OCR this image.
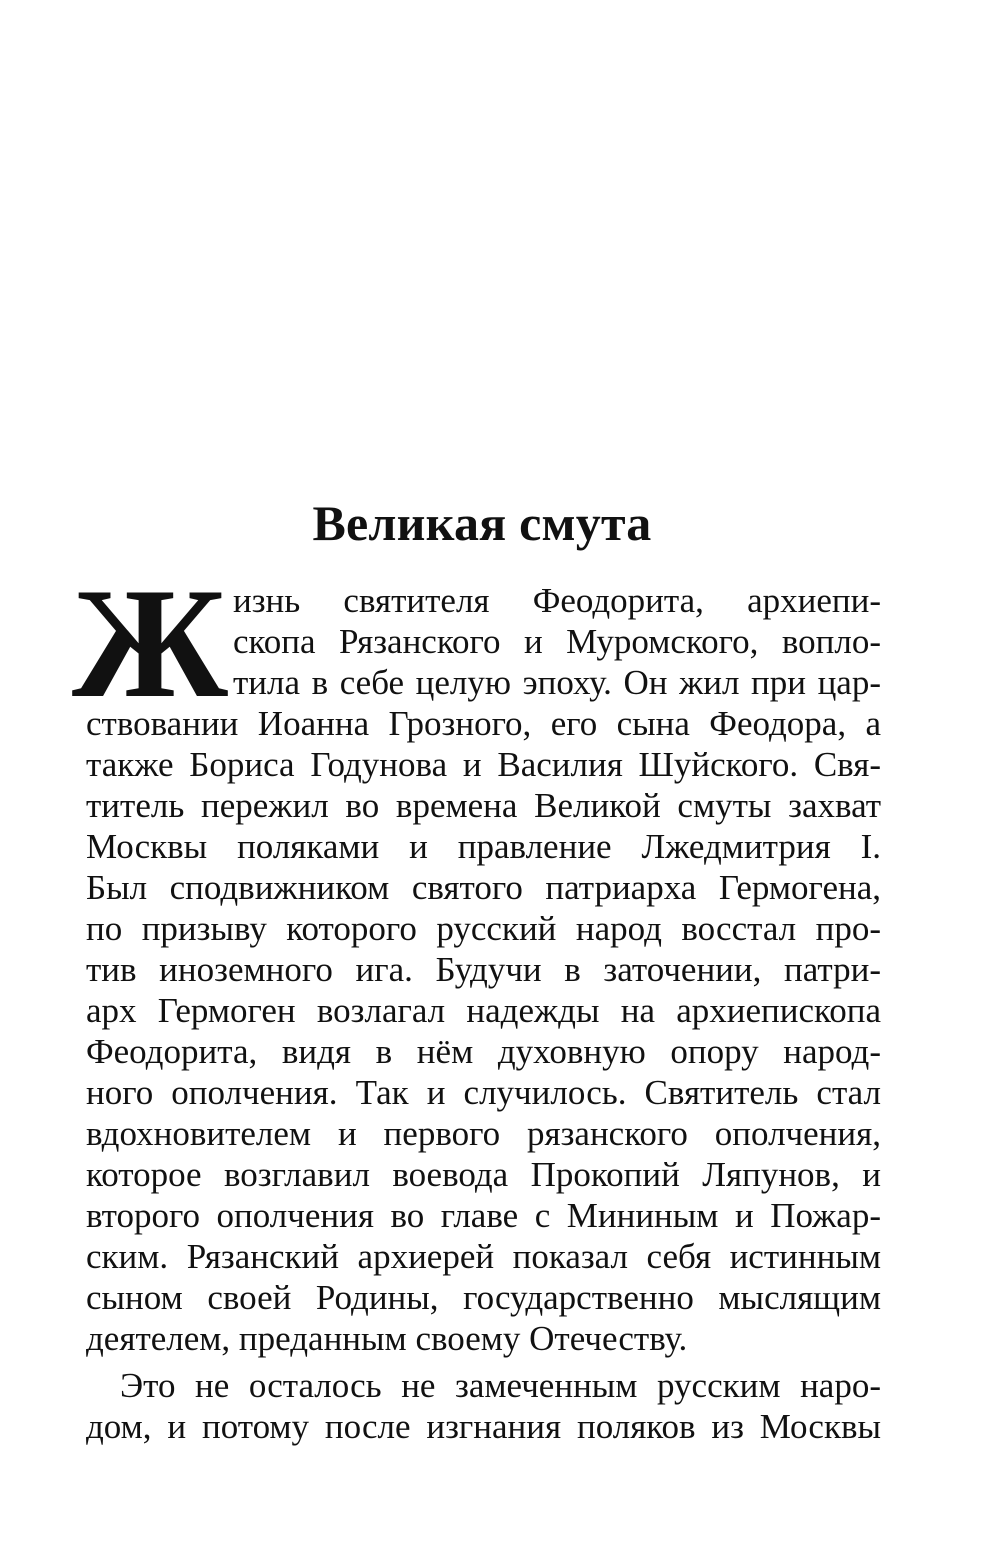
Великая смута
Ж изнь святителя Феодорита, архиепи-
скопа Рязанского и Муромского, вопло-
тила в себе целую эпоху. Он жил при цар-
ствовании Иоанна Грозного, его сына Феодора, а
также Бориса Годунова и Василия Шуйского. Свя-
титель пережил во времена Великой смуты захват
Москвы поляками и правление Лжедмитрия I.
Был сподвижником святого патриарха Гермогена,
по призыву которого русский народ восстал про-
тив иноземного ига. Будучи в заточении, патри-
арх Гермоген возлагал надежды на архиепископа
Феодорита, видя в нём духовную опору народ-
ного ополчения. Так и случилось. Святитель стал
вдохновителем и первого рязанского ополчения,
которое возглавил воевода Прокопий Ляпунов, и
второго ополчения во главе с Мининым и Пожар-
ским. Рязанский архиерей показал себя истинным
сыном своей Родины, государственно мыслящим
деятелем, преданным своему Отечеству.
Это не осталось не замеченным русским наро-
дом, и потому после изгнания поляков из Москвы
